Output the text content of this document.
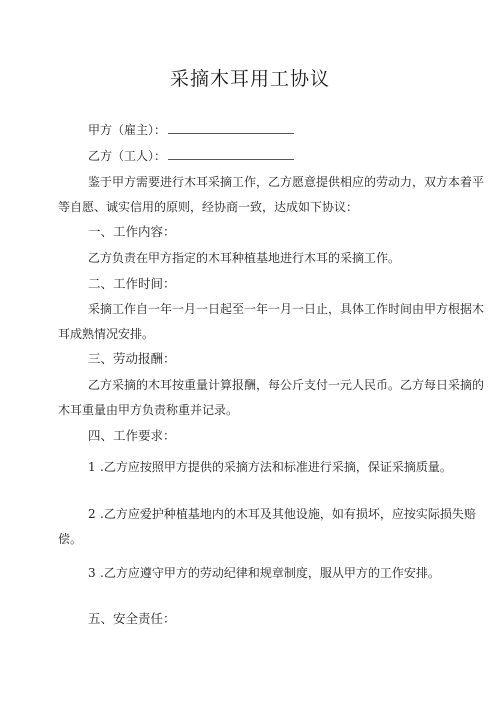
采摘木耳用工协议
甲方（雇主）：
乙方（工人）：
鉴于甲方需要进行木耳采摘工作，乙方愿意提供相应的劳动力，双方本着平
等自愿、诚实信用的原则，经协商一致，达成如下协议：
一、工作内容：
乙方负责在甲方指定的木耳种植基地进行木耳的采摘工作。
二、工作时间：
采摘工作自一年一月一日起至一年一月一日止，具体工作时间由甲方根据木
耳成熟情况安排。
三、劳动报酬：
乙方采摘的木耳按重量计算报酬，每公斤支付一元人民币。乙方每日采摘的
木耳重量由甲方负责称重并记录。
四、工作要求：
1 .乙方应按照甲方提供的采摘方法和标准进行采摘，保证采摘质量。
2 .乙方应爱护种植基地内的木耳及其他设施，如有损坏，应按实际损失赔
偿。
3 .乙方应遵守甲方的劳动纪律和规章制度，服从甲方的工作安排。
五、安全责任：
